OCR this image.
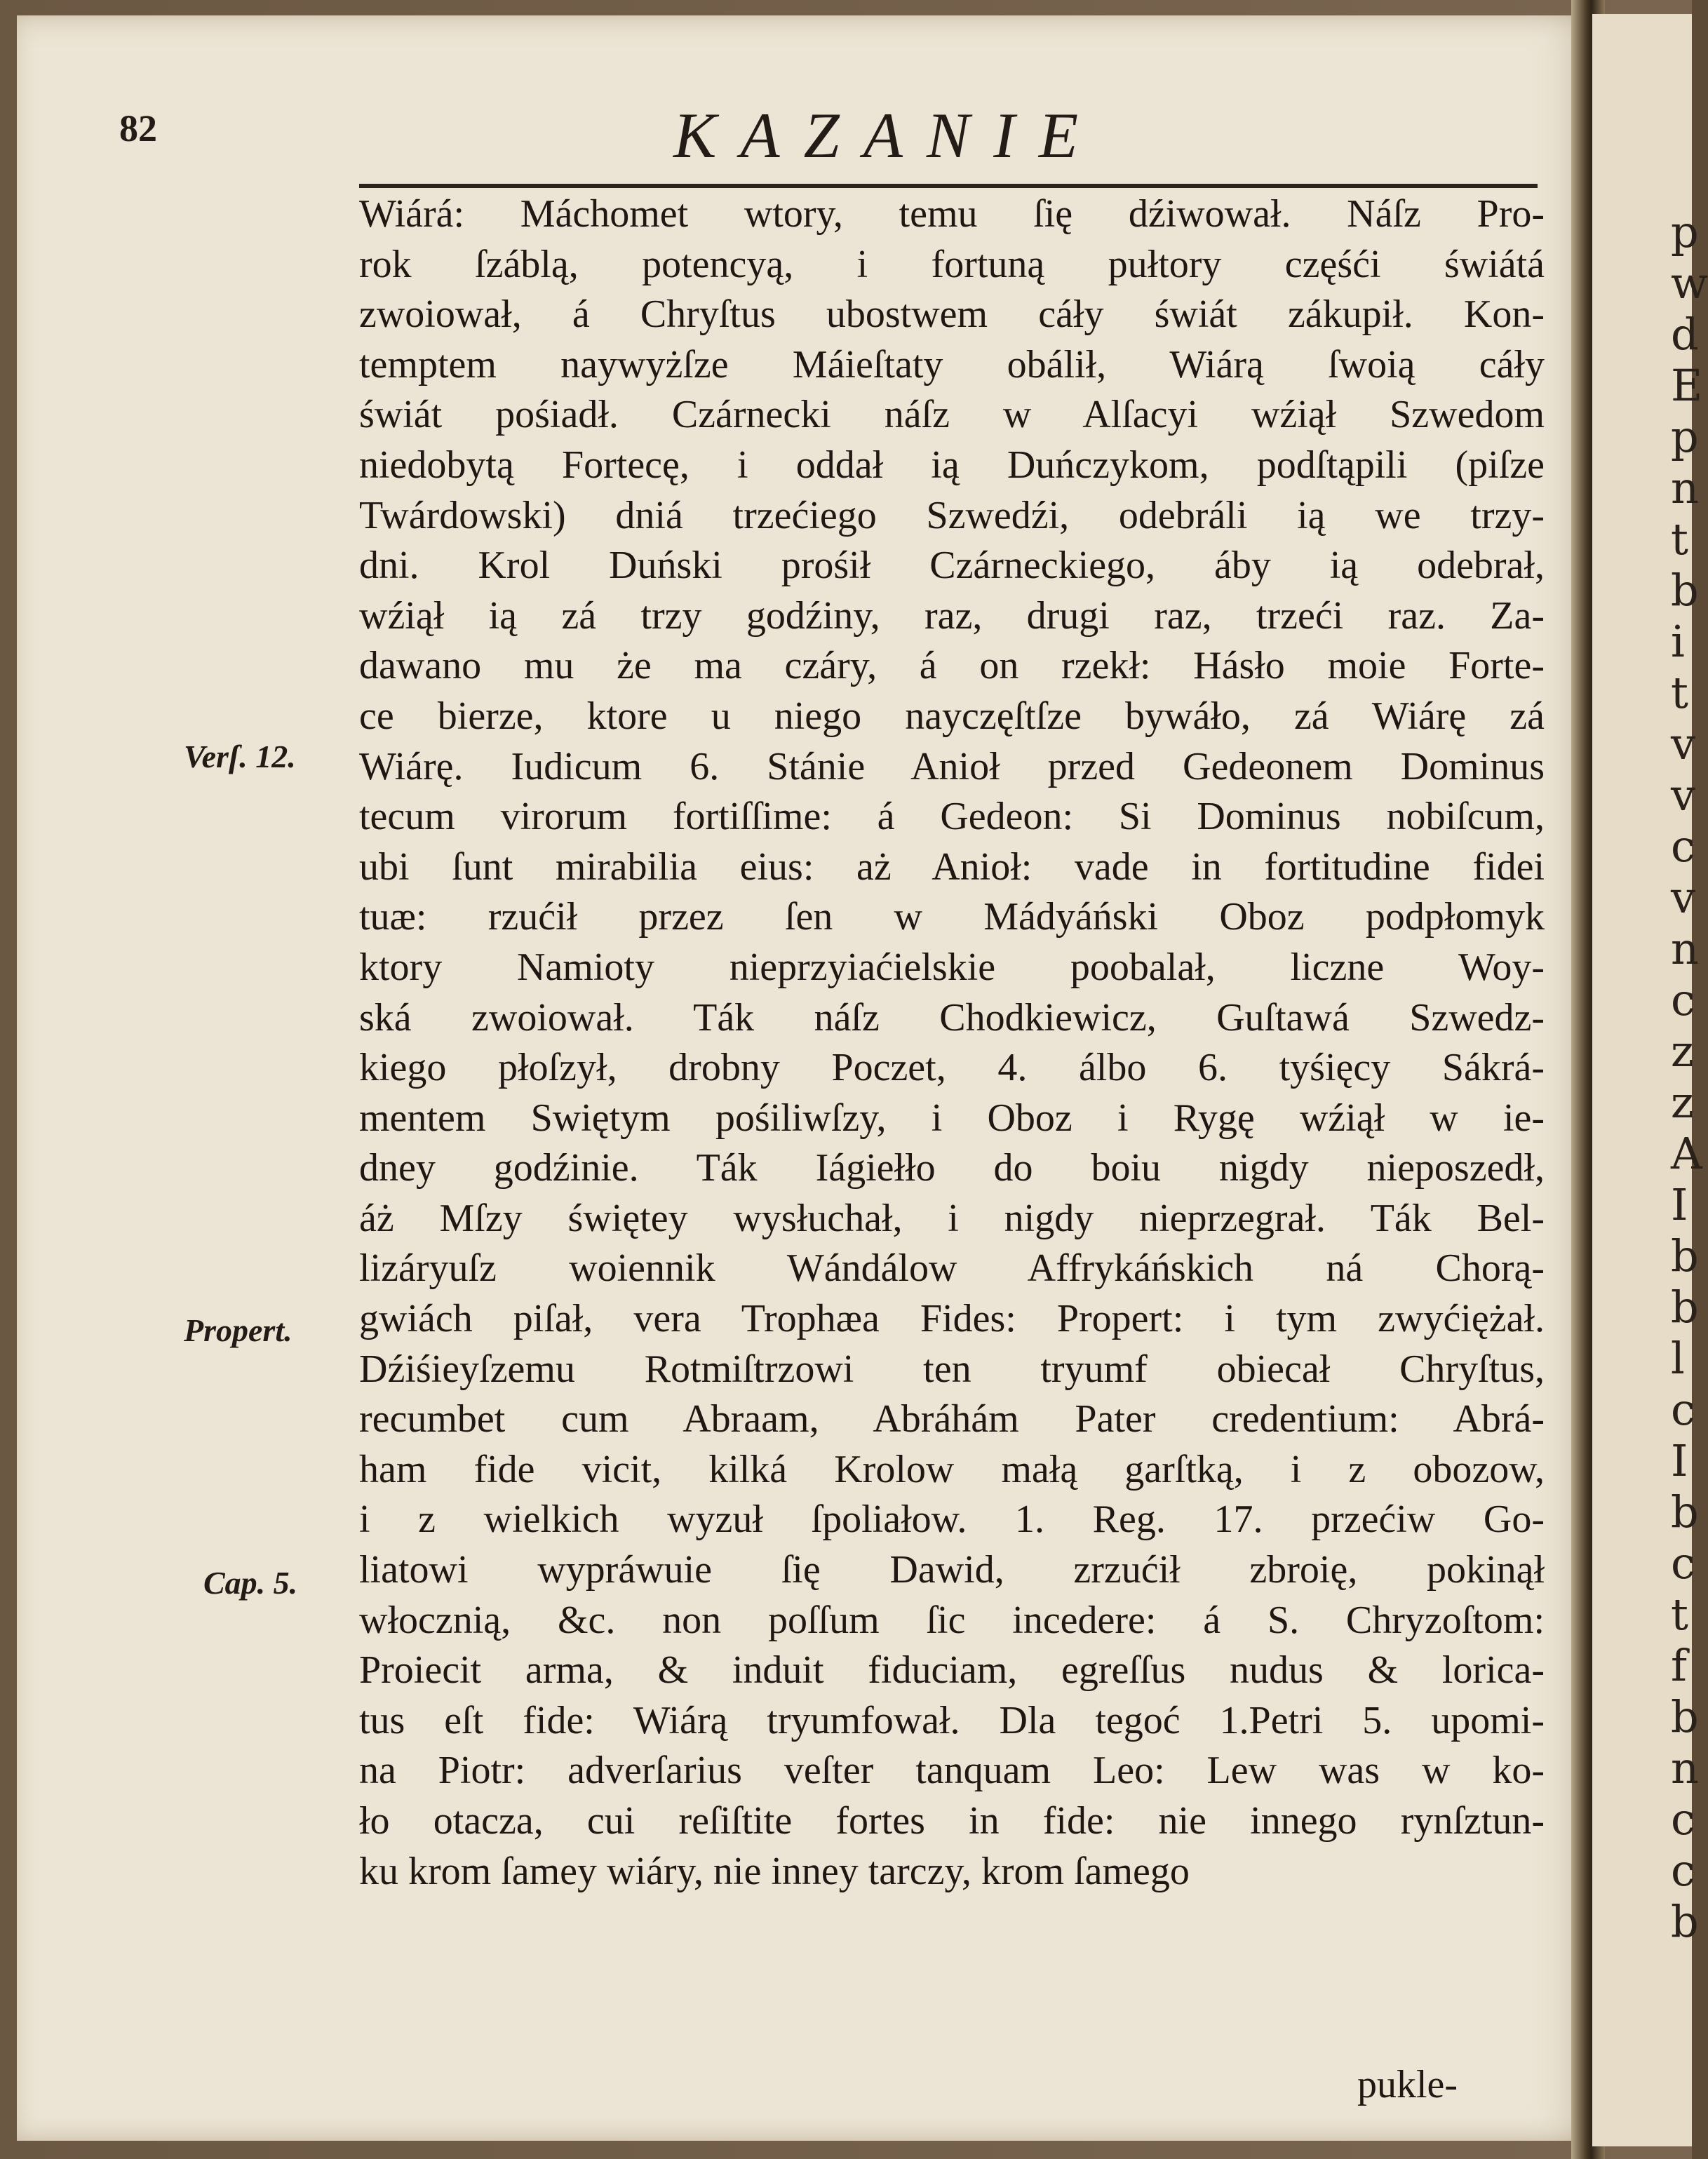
p
w
d
E
p
n
t
b
i
t
v
v
c
v
n
c
z
z
A
I
b
b
l
c
I
b
c
t
f
b
n
c
c
b
82	KAZANIE
Verſ. 12.
Propert.
Cap. 5.
Wiárá: Máchomet wtory, temu ſię dźiwował. Náſz Pro-
rok ſzáblą, potencyą, i fortuną pułtory częśći świátá
zwoiował, á Chryſtus ubostwem cáły świát zákupił. Kon-
temptem naywyżſze Máieſtaty obálił, Wiárą ſwoią cáły
świát pośiadł. Czárnecki náſz w Alſacyi wźiął Szwedom
niedobytą Fortecę, i oddał ią Duńczykom, podſtąpili (piſze
Twárdowski) dniá trzećiego Szwedźi, odebráli ią we trzy-
dni. Krol Duński prośił Czárneckiego, áby ią odebrał,
wźiął ią zá trzy godźiny, raz, drugi raz, trzeći raz. Za-
dawano mu że ma czáry, á on rzekł: Hásło moie Forte-
ce bierze, ktore u niego nayczęſtſze bywáło, zá Wiárę zá
Wiárę. Iudicum 6. Stánie Anioł przed Gedeonem Dominus
tecum virorum fortiſſime: á Gedeon: Si Dominus nobiſcum,
ubi ſunt mirabilia eius: aż Anioł: vade in fortitudine fidei
tuæ: rzućił przez ſen w Mádyáński Oboz podpłomyk
ktory Namioty nieprzyiaćielskie poobalał, liczne Woy-
ská zwoiował. Ták náſz Chodkiewicz, Guſtawá Szwedz-
kiego płoſzył, drobny Poczet, 4. álbo 6. tyśięcy Sákrá-
mentem Swiętym pośiliwſzy, i Oboz i Rygę wźiął w ie-
dney godźinie. Ták Iágiełło do boiu nigdy nieposzedł,
áż Mſzy świętey wysłuchał, i nigdy nieprzegrał. Ták Bel-
lizáryuſz woiennik Wándálow Affrykáńskich ná Chorą-
gwiách piſał, vera Trophæa Fides: Propert: i tym zwyćiężał.
Dźiśieyſzemu Rotmiſtrzowi ten tryumf obiecał Chryſtus,
recumbet cum Abraam, Abráhám Pater credentium: Abrá-
ham fide vicit, kilká Krolow małą garſtką, i z obozow,
i z wielkich wyzuł ſpoliałow. 1. Reg. 17. przećiw Go-
liatowi wypráwuie ſię Dawid, zrzućił zbroię, pokinął
włocznią, &c. non poſſum ſic incedere: á S. Chryzoſtom:
Proiecit arma, & induit fiduciam, egreſſus nudus & lorica-
tus eſt fide: Wiárą tryumfował. Dla tegoć 1.Petri 5. upomi-
na Piotr: adverſarius veſter tanquam Leo: Lew was w ko-
ło otacza, cui reſiſtite fortes in fide: nie innego rynſztun-
ku krom ſamey wiáry, nie inney tarczy, krom ſamego
pukle-
